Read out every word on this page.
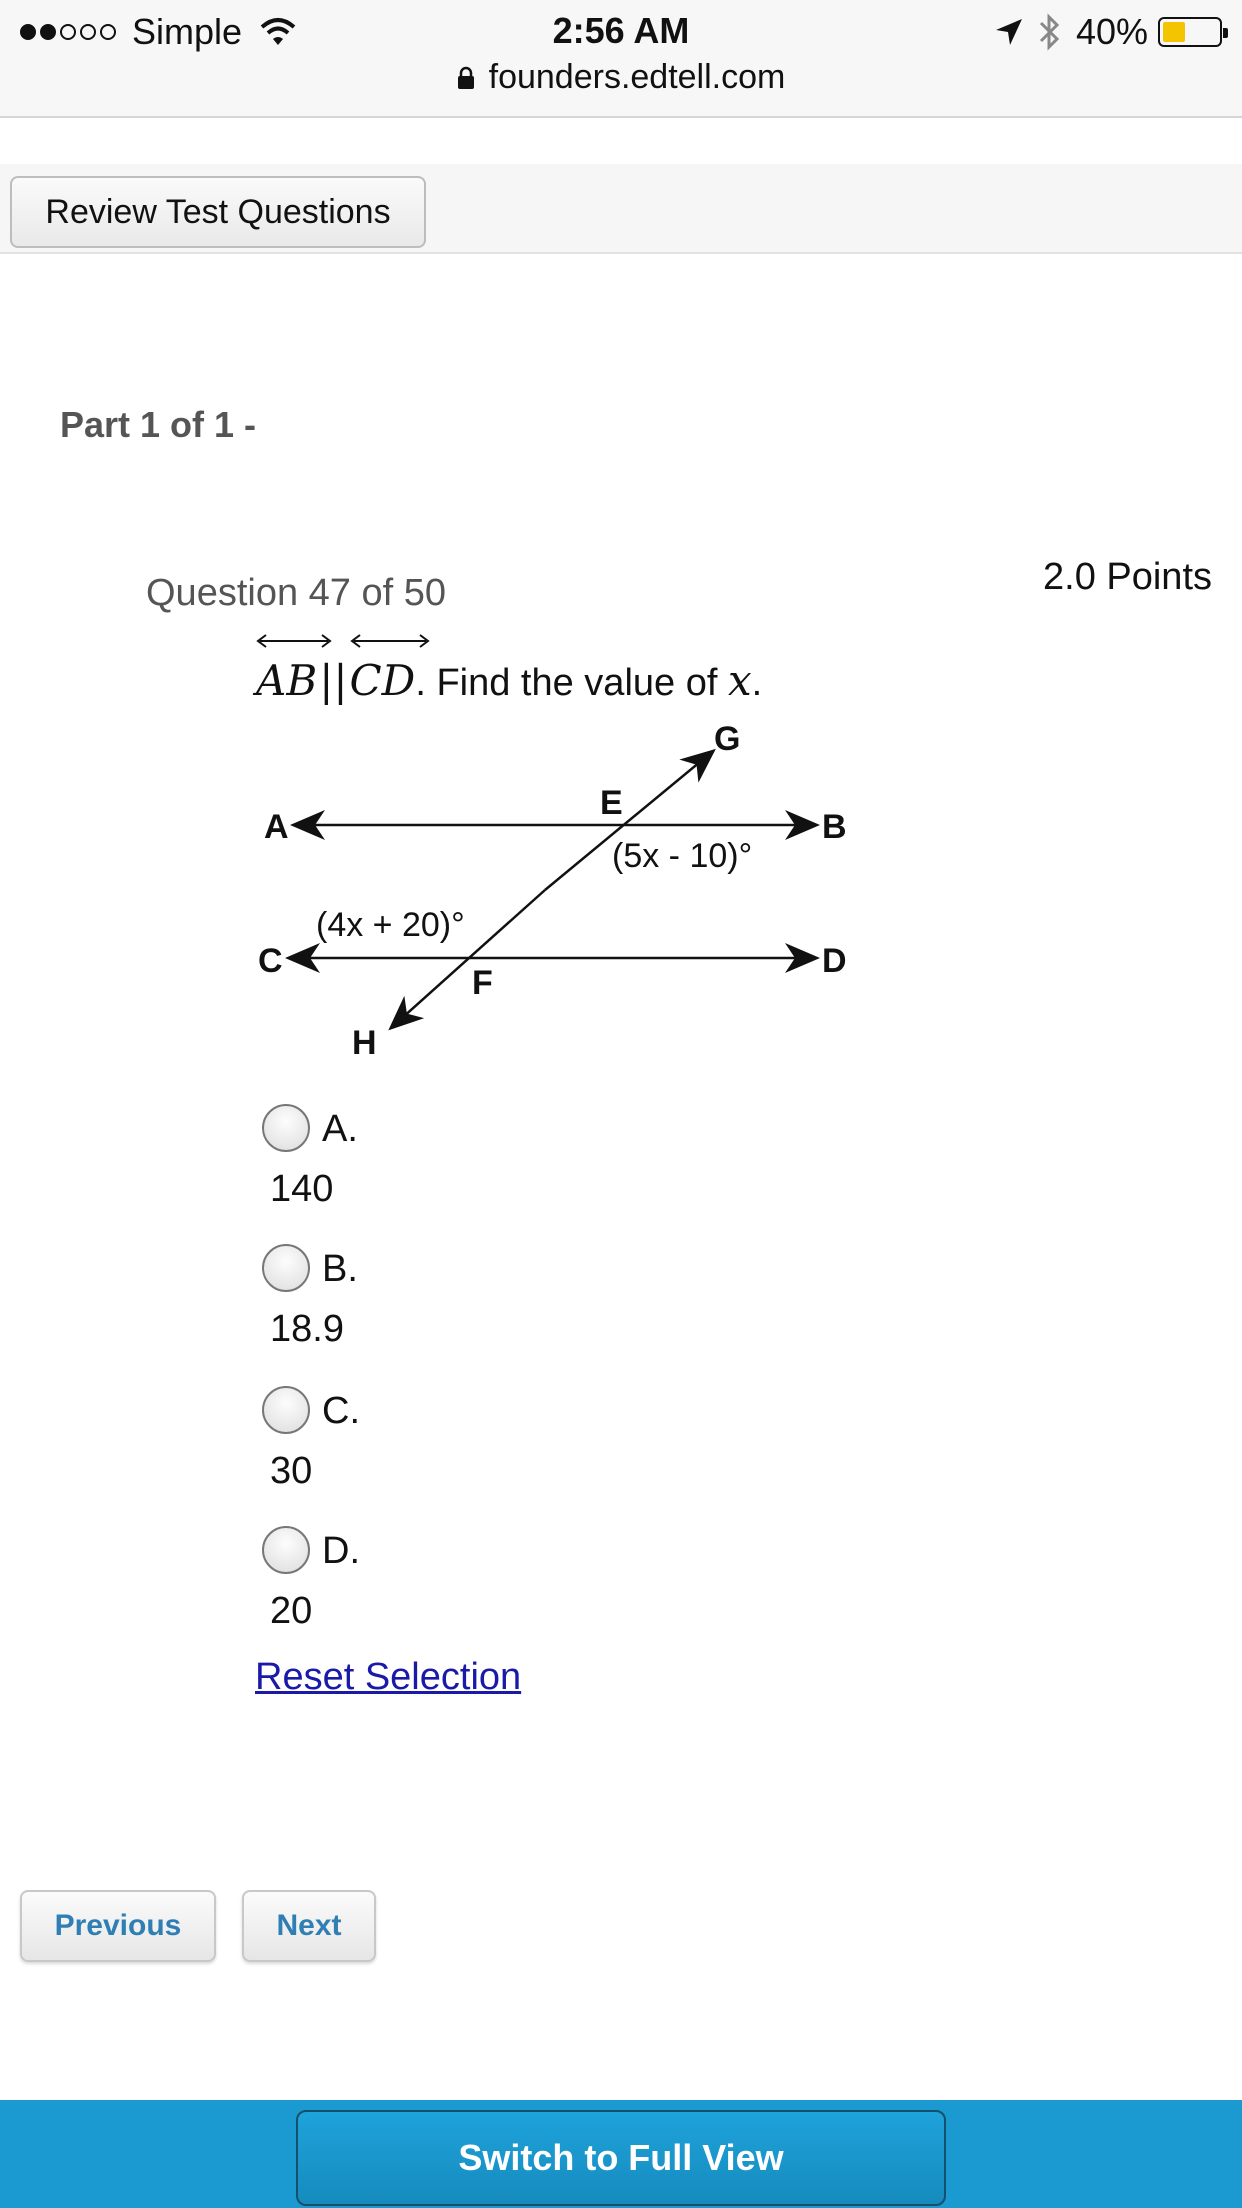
Simple	2:56 AM	40%
founders.edtell.com
Review Test Questions
Part 1 of 1 -
Question 47 of 50	2.0 Points
AB || CD . Find the value of x .
A	B
C	D
E
F
G
H
(5x - 10)°
(4x + 20)°
A.
140
B.
18.9
C.
30
D.
20
Reset Selection
Previous	Next
Switch to Full View
